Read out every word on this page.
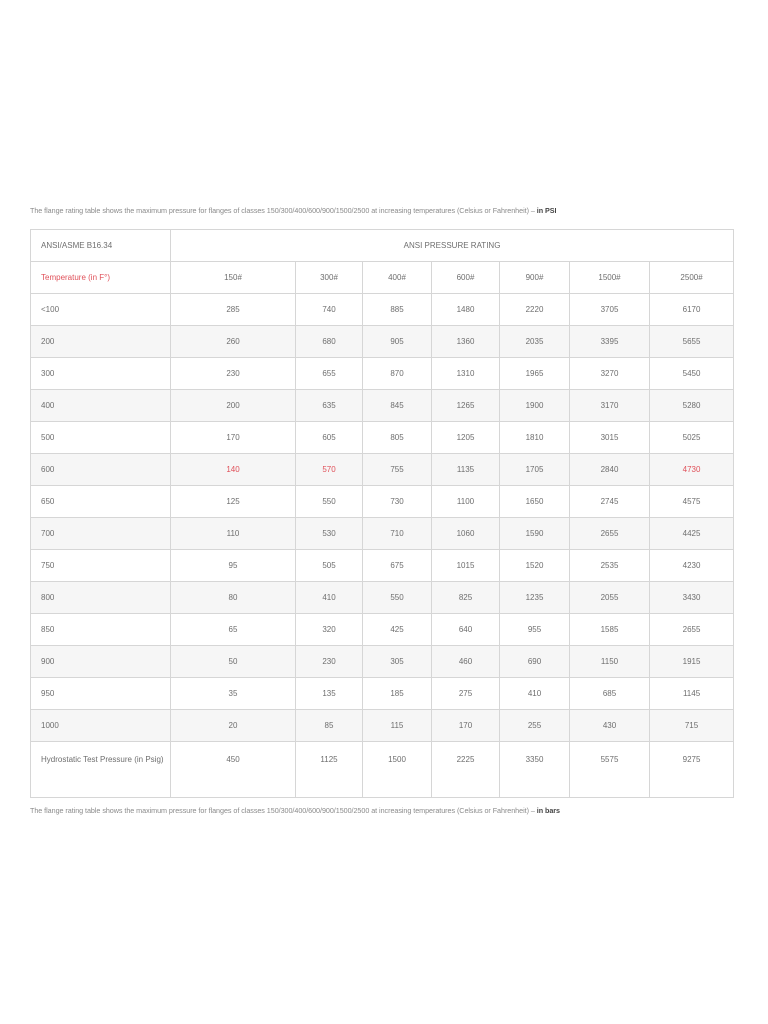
The flange rating table shows the maximum pressure for flanges of classes 150/300/400/600/900/1500/2500 at increasing temperatures (Celsius or Fahrenheit) – in PSI
ANSI/ASME B16.34	ANSI PRESSURE RATING						
Temperature (in F°)	150#	300#	400#	600#	900#	1500#	2500#
<100	285	740	885	1480	2220	3705	6170
200	260	680	905	1360	2035	3395	5655
300	230	655	870	1310	1965	3270	5450
400	200	635	845	1265	1900	3170	5280
500	170	605	805	1205	1810	3015	5025
600	140	570	755	1135	1705	2840	4730
650	125	550	730	1100	1650	2745	4575
700	110	530	710	1060	1590	2655	4425
750	95	505	675	1015	1520	2535	4230
800	80	410	550	825	1235	2055	3430
850	65	320	425	640	955	1585	2655
900	50	230	305	460	690	1150	1915
950	35	135	185	275	410	685	1145
1000	20	85	115	170	255	430	715
Hydrostatic Test Pressure (in Psig)	450	1125	1500	2225	3350	5575	9275
The flange rating table shows the maximum pressure for flanges of classes 150/300/400/600/900/1500/2500 at increasing temperatures (Celsius or Fahrenheit) – in bars
